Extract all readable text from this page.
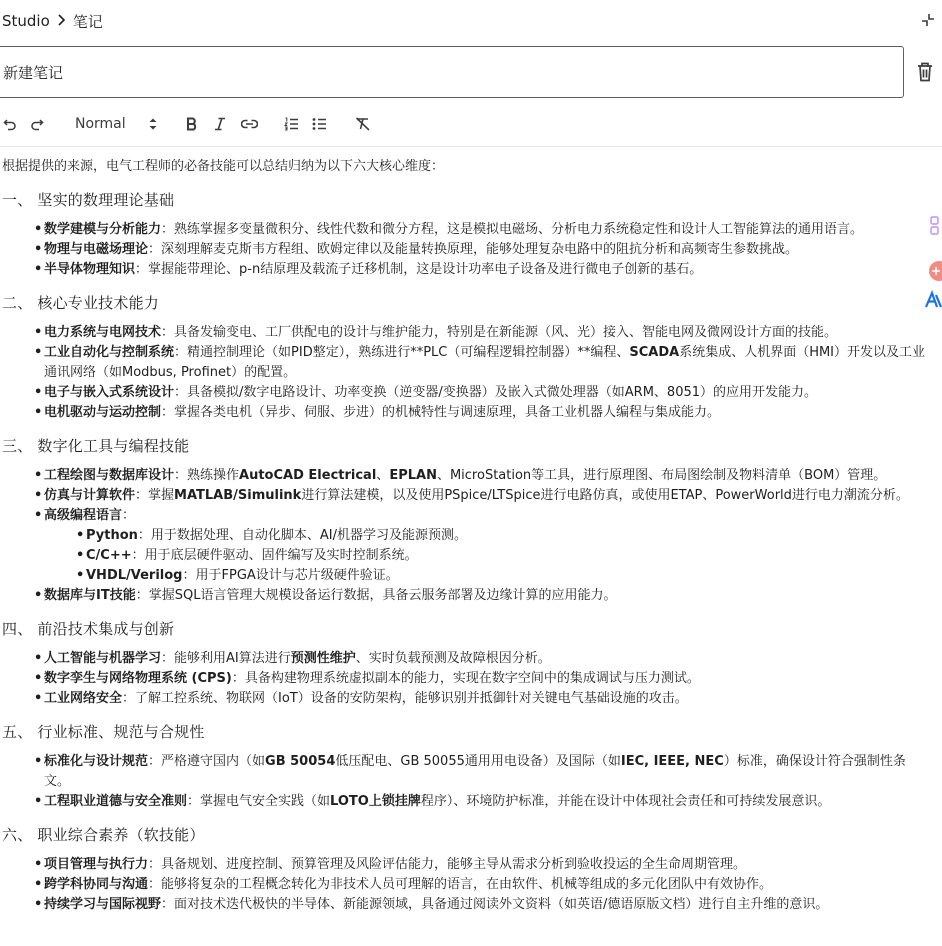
Studio 笔记
新建笔记
Normal

根据提供的来源，电气工程师的必备技能可以总结归纳为以下六大核心维度：

一、 坚实的数理理论基础
• 数学建模与分析能力：熟练掌握多变量微积分、线性代数和微分方程，这是模拟电磁场、分析电力系统稳定性和设计人工智能算法的通用语言。
• 物理与电磁场理论：深刻理解麦克斯韦方程组、欧姆定律以及能量转换原理，能够处理复杂电路中的阻抗分析和高频寄生参数挑战。
• 半导体物理知识：掌握能带理论、p-n结原理及载流子迁移机制，这是设计功率电子设备及进行微电子创新的基石。
二、 核心专业技术能力
• 电力系统与电网技术：具备发输变电、工厂供配电的设计与维护能力，特别是在新能源（风、光）接入、智能电网及微网设计方面的技能。
• 工业自动化与控制系统：精通控制理论（如PID整定），熟练进行**PLC（可编程逻辑控制器）**编程、SCADA系统集成、人机界面（HMI）开发以及工业通讯网络（如Modbus, Profinet）的配置。
• 电子与嵌入式系统设计：具备模拟/数字电路设计、功率变换（逆变器/变换器）及嵌入式微处理器（如ARM、8051）的应用开发能力。
• 电机驱动与运动控制：掌握各类电机（异步、伺服、步进）的机械特性与调速原理，具备工业机器人编程与集成能力。
三、 数字化工具与编程技能
• 工程绘图与数据库设计：熟练操作AutoCAD Electrical、EPLAN、MicroStation等工具，进行原理图、布局图绘制及物料清单（BOM）管理。
• 仿真与计算软件：掌握MATLAB/Simulink进行算法建模，以及使用PSpice/LTSpice进行电路仿真，或使用ETAP、PowerWorld进行电力潮流分析。
• 高级编程语言：
• Python：用于数据处理、自动化脚本、AI/机器学习及能源预测。
• C/C++：用于底层硬件驱动、固件编写及实时控制系统。
• VHDL/Verilog：用于FPGA设计与芯片级硬件验证。
• 数据库与IT技能：掌握SQL语言管理大规模设备运行数据，具备云服务部署及边缘计算的应用能力。
四、 前沿技术集成与创新
• 人工智能与机器学习：能够利用AI算法进行预测性维护、实时负载预测及故障根因分析。
• 数字孪生与网络物理系统 (CPS)：具备构建物理系统虚拟副本的能力，实现在数字空间中的集成调试与压力测试。
• 工业网络安全：了解工控系统、物联网（IoT）设备的安防架构，能够识别并抵御针对关键电气基础设施的攻击。
五、 行业标准、规范与合规性
• 标准化与设计规范：严格遵守国内（如GB 50054低压配电、GB 50055通用用电设备）及国际（如IEC, IEEE, NEC）标准，确保设计符合强制性条文。
• 工程职业道德与安全准则：掌握电气安全实践（如LOTO上锁挂牌程序）、环境防护标准，并能在设计中体现社会责任和可持续发展意识。
六、 职业综合素养（软技能）
• 项目管理与执行力：具备规划、进度控制、预算管理及风险评估能力，能够主导从需求分析到验收投运的全生命周期管理。
• 跨学科协同与沟通：能够将复杂的工程概念转化为非技术人员可理解的语言，在由软件、机械等组成的多元化团队中有效协作。
• 持续学习与国际视野：面对技术迭代极快的半导体、新能源领域，具备通过阅读外文资料（如英语/德语原版文档）进行自主升维的意识。
